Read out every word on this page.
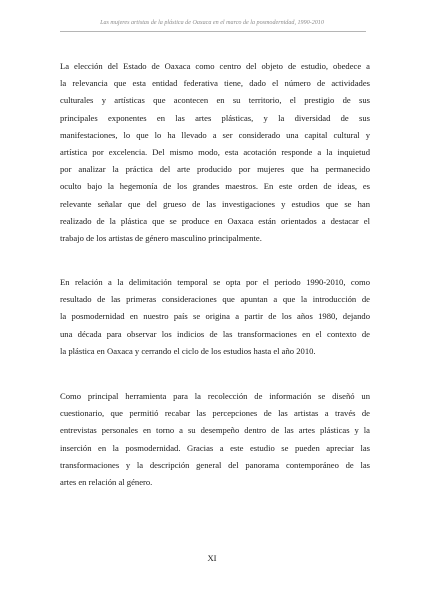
Las mujeres artistas de la plástica de Oaxaca en el marco de la posmodernidad, 1990-2010

La elección del Estado de Oaxaca como centro del objeto de estudio, obedece a
la relevancia que esta entidad federativa tiene, dado el número de actividades
culturales y artísticas que acontecen en su territorio, el prestigio de sus
principales exponentes en las artes plásticas, y la diversidad de sus
manifestaciones, lo que lo ha llevado a ser considerado una capital cultural y
artística por excelencia. Del mismo modo, esta acotación responde a la inquietud
por analizar la práctica del arte producido por mujeres que ha permanecido
oculto bajo la hegemonía de los grandes maestros. En este orden de ideas, es
relevante señalar que del grueso de las investigaciones y estudios que se han
realizado de la plástica que se produce en Oaxaca están orientados a destacar el
trabajo de los artistas de género masculino principalmente.

En relación a la delimitación temporal se opta por el periodo 1990-2010, como
resultado de las primeras consideraciones que apuntan a que la introducción de
la posmodernidad en nuestro país se origina a partir de los años 1980, dejando
una década para observar los indicios de las transformaciones en el contexto de
la plástica en Oaxaca y cerrando el ciclo de los estudios hasta el año 2010.

Como principal herramienta para la recolección de información se diseñó un
cuestionario, que permitió recabar las percepciones de las artistas a través de
entrevistas personales en torno a su desempeño dentro de las artes plásticas y la
inserción en la posmodernidad. Gracias a este estudio se pueden apreciar las
transformaciones y la descripción general del panorama contemporáneo de las
artes en relación al género.

XI
